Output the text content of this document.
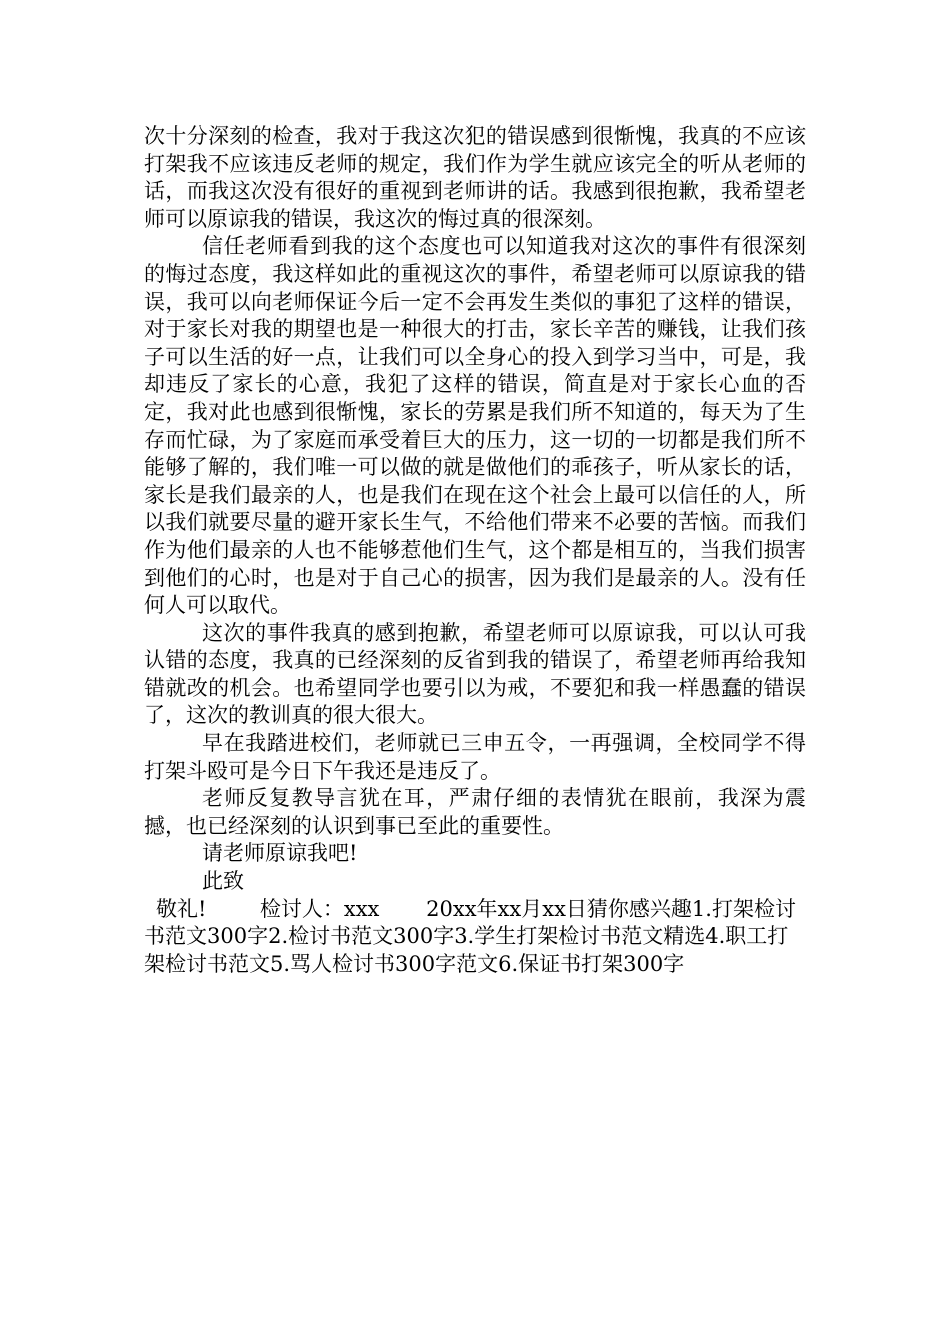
次十分深刻的检查，我对于我这次犯的错误感到很惭愧，我真的不应该打架我不应该违反老师的规定，我们作为学生就应该完全的听从老师的话，而我这次没有很好的重视到老师讲的话。我感到很抱歉，我希望老师可以原谅我的错误，我这次的悔过真的很深刻。

信任老师看到我的这个态度也可以知道我对这次的事件有很深刻的悔过态度，我这样如此的重视这次的事件，希望老师可以原谅我的错误，我可以向老师保证今后一定不会再发生类似的事犯了这样的错误，对于家长对我的期望也是一种很大的打击，家长辛苦的赚钱，让我们孩子可以生活的好一点，让我们可以全身心的投入到学习当中，可是，我却违反了家长的心意，我犯了这样的错误，简直是对于家长心血的否定，我对此也感到很惭愧，家长的劳累是我们所不知道的，每天为了生存而忙碌，为了家庭而承受着巨大的压力，这一切的一切都是我们所不能够了解的，我们唯一可以做的就是做他们的乖孩子，听从家长的话，家长是我们最亲的人，也是我们在现在这个社会上最可以信任的人，所以我们就要尽量的避开家长生气，不给他们带来不必要的苦恼。而我们作为他们最亲的人也不能够惹他们生气，这个都是相互的，当我们损害到他们的心时，也是对于自己心的损害，因为我们是最亲的人。没有任何人可以取代。

这次的事件我真的感到抱歉，希望老师可以原谅我，可以认可我认错的态度，我真的已经深刻的反省到我的错误了，希望老师再给我知错就改的机会。也希望同学也要引以为戒，不要犯和我一样愚蠢的错误了，这次的教训真的很大很大。

早在我踏进校们，老师就已三申五令，一再强调，全校同学不得打架斗殴可是今日下午我还是违反了。

老师反复教导言犹在耳，严肃仔细的表情犹在眼前，我深为震撼，也已经深刻的认识到事已至此的重要性。

请老师原谅我吧!

此致

敬礼!	检讨人：xxx 20xx年xx月xx日猜你感兴趣1.打架检讨书范文300字2.检讨书范文300字3.学生打架检讨书范文精选4.职工打架检讨书范文5.骂人检讨书300字范文6.保证书打架300字
